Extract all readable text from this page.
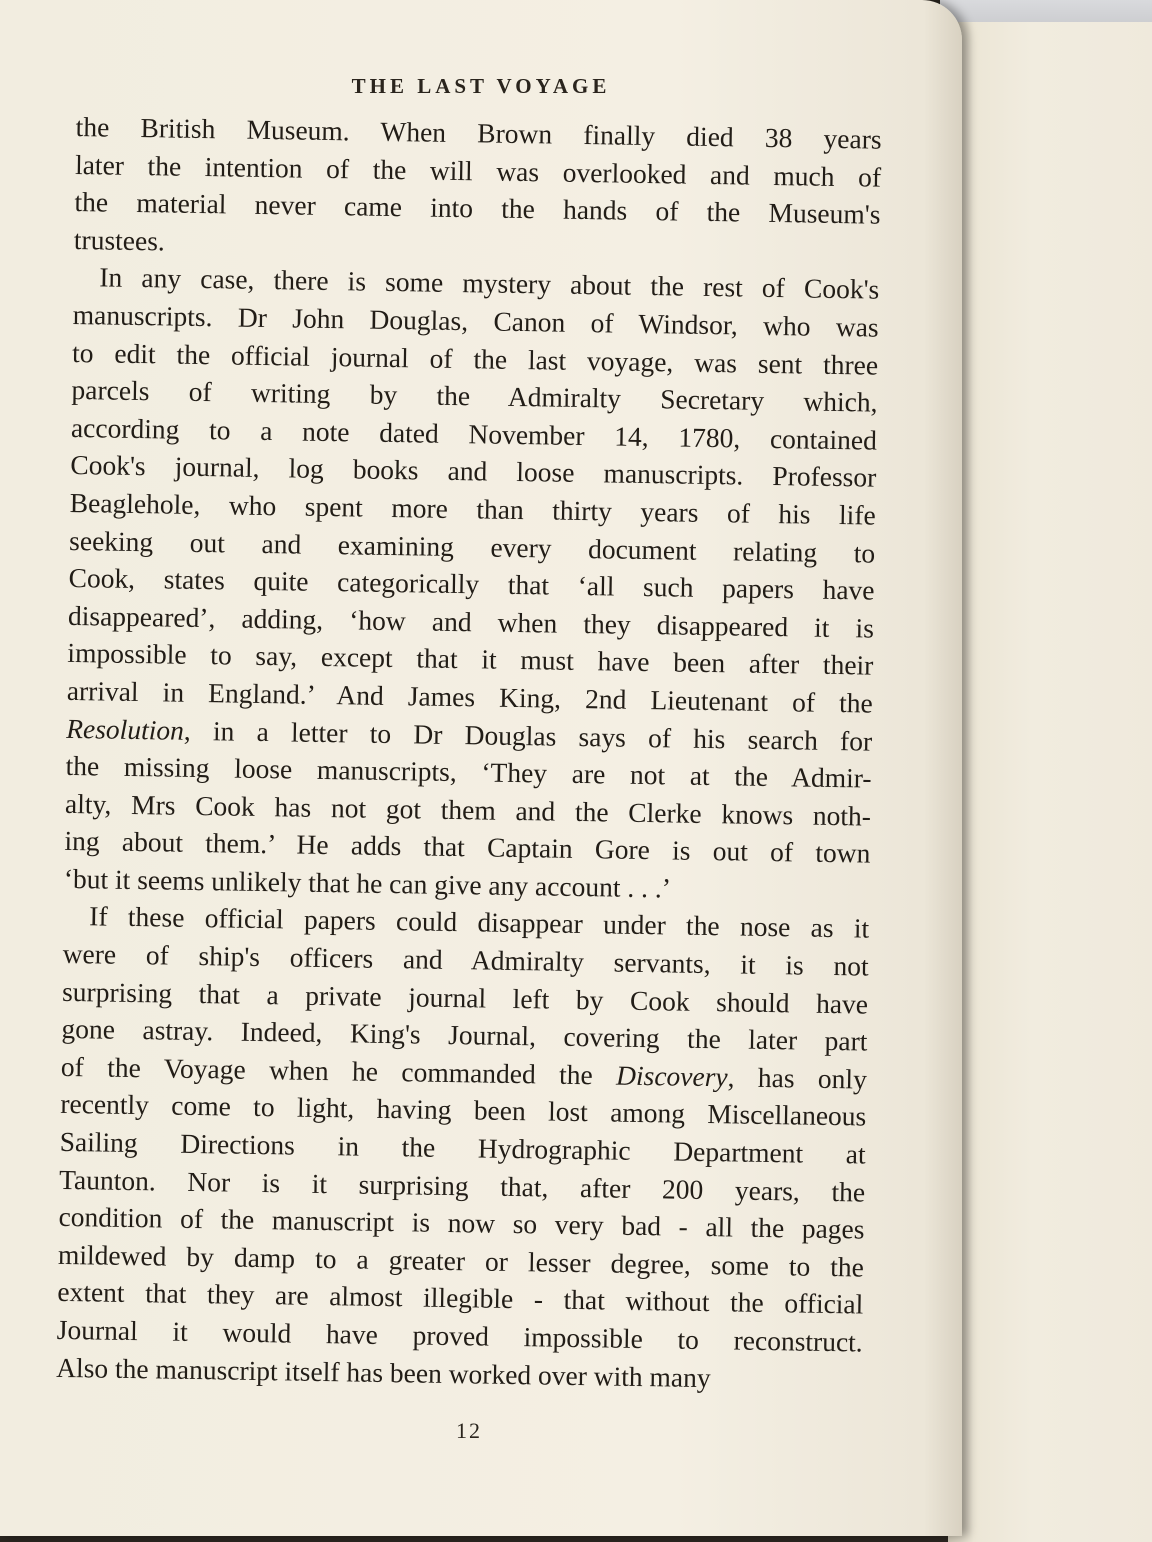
THE LAST VOYAGE

the British Museum. When Brown finally died 38 years
later the intention of the will was overlooked and much of
the material never came into the hands of the Museum's
trustees.

In any case, there is some mystery about the rest of Cook's
manuscripts. Dr John Douglas, Canon of Windsor, who was
to edit the official journal of the last voyage, was sent three
parcels of writing by the Admiralty Secretary which,
according to a note dated November 14, 1780, contained
Cook's journal, log books and loose manuscripts. Professor
Beaglehole, who spent more than thirty years of his life
seeking out and examining every document relating to
Cook, states quite categorically that ‘all such papers have
disappeared’, adding, ‘how and when they disappeared it is
impossible to say, except that it must have been after their
arrival in England.’ And James King, 2nd Lieutenant of the
Resolution, in a letter to Dr Douglas says of his search for
the missing loose manuscripts, ‘They are not at the Admir-
alty, Mrs Cook has not got them and the Clerke knows noth-
ing about them.’ He adds that Captain Gore is out of town
‘but it seems unlikely that he can give any account . . .’

If these official papers could disappear under the nose as it
were of ship's officers and Admiralty servants, it is not
surprising that a private journal left by Cook should have
gone astray. Indeed, King's Journal, covering the later part
of the Voyage when he commanded the Discovery, has only
recently come to light, having been lost among Miscellaneous
Sailing Directions in the Hydrographic Department at
Taunton. Nor is it surprising that, after 200 years, the
condition of the manuscript is now so very bad - all the pages
mildewed by damp to a greater or lesser degree, some to the
extent that they are almost illegible - that without the official
Journal it would have proved impossible to reconstruct.
Also the manuscript itself has been worked over with many

12
